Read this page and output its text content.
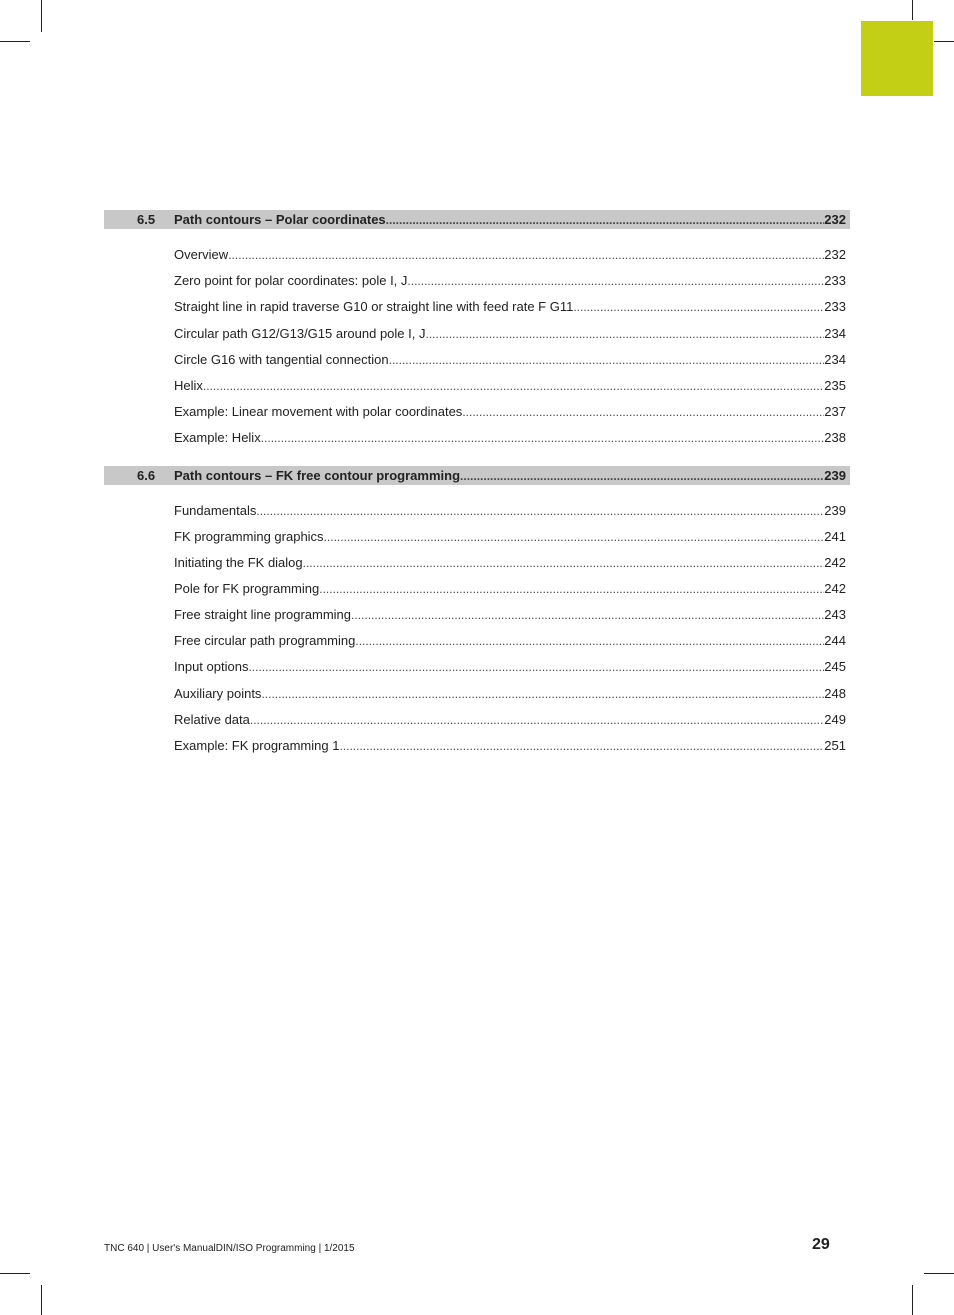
6.5 Path contours – Polar coordinates .....	232
Overview .....	232
Zero point for polar coordinates: pole I, J .....	233
Straight line in rapid traverse G10 or straight line with feed rate F G11 .....	233
Circular path G12/G13/G15 around pole I, J .....	234
Circle G16 with tangential connection .....	234
Helix .....	235
Example: Linear movement with polar coordinates .....	237
Example: Helix .....	238
6.6 Path contours – FK free contour programming .....	239
Fundamentals .....	239
FK programming graphics .....	241
Initiating the FK dialog .....	242
Pole for FK programming .....	242
Free straight line programming .....	243
Free circular path programming .....	244
Input options .....	245
Auxiliary points .....	248
Relative data .....	249
Example: FK programming 1 .....	251
TNC 640 | User's ManualDIN/ISO Programming | 1/2015	29
